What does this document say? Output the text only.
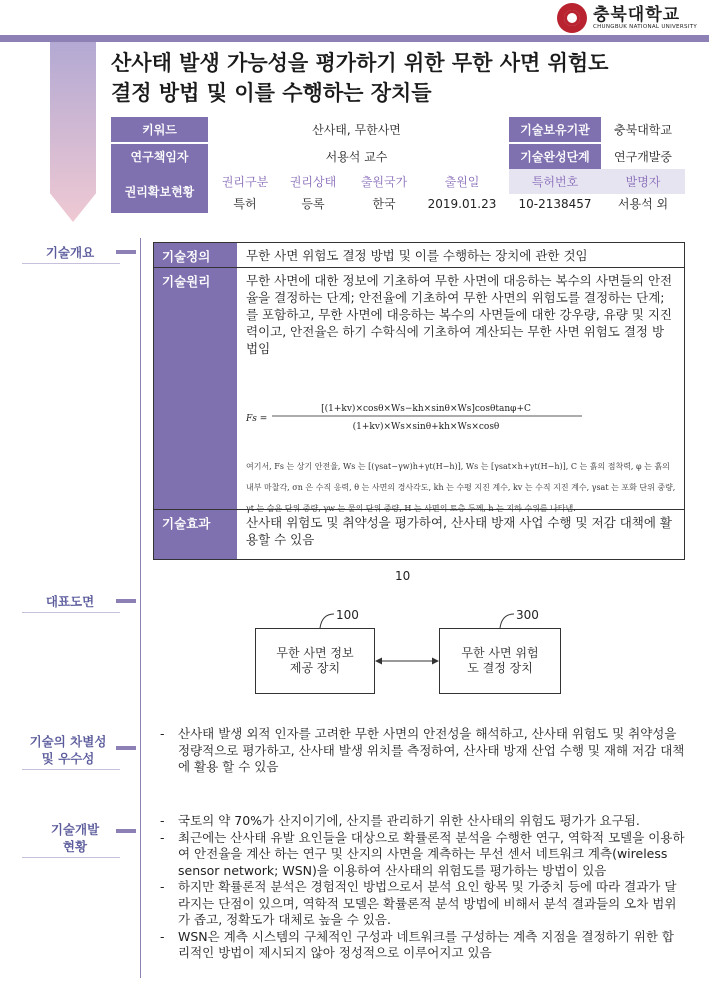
충북대학교
CHUNGBUK NATIONAL UNIVERSITY
산사태 발생 가능성을 평가하기 위한 무한 사면 위험도
결정 방법 및 이를 수행하는 장치들
키워드	산사태, 무한사면	기술보유기관	충북대학교
연구책임자	서용석 교수	기술완성단계	연구개발중
권리확보현황
권리구분	권리상태	출원국가	출원일	특허번호	발명자
특허	등록	한국	2019.01.23	10-2138457	서용석 외
기술개요
대표도면
기술의 차별성 및 우수성
기술개발 현황
기술정의	무한 사면 위험도 결정 방법 및 이를 수행하는 장치에 관한 것임
기술원리	무한 사면에 대한 정보에 기초하여 무한 사면에 대응하는 복수의 사면들의 안전율을 결정하는 단계; 안전율에 기초하여 무한 사면의 위험도를 결정하는 단계; 를 포함하고, 무한 사면에 대응하는 복수의 사면들에 대한 강우량, 유량 및 지진력이고, 안전율은 하기 수학식에 기초하여 계산되는 무한 사면 위험도 결정 방법임
Fs =
[(1+kv)×cosθ×Ws−kh×sinθ×Ws]cosθtanφ+C
(1+kv)×Ws×sinθ+kh×Ws×cosθ
여기서, Fs 는 상기 안전율, Ws 는 [(γsat−γw)h+γt(H−h)], Ws 는 [γsat×h+γt(H−h)], C 는 흙의 점착력, φ 는 흙의 내부 마찰각, σn 은 수직 응력, θ 는 사면의 경사각도, kh 는 수평 지진 계수, kv 는 수직 지진 계수, γsat 는 포화 단위 중량,
기술효과	산사태 위험도 및 취약성을 평가하여, 산사태 방재 사업 수행 및 저감 대책에 활용할 수 있음
10
100	300
무한 사면 정보 제공 장치
무한 사면 위험도 결정 장치
-	산사태 발생 외적 인자를 고려한 무한 사면의 안전성을 해석하고, 산사태 위험도 및 취약성을 정량적으로 평가하고, 산사태 발생 위치를 측정하여, 산사태 방재 산업 수행 및 재해 저감 대책에 활용 할 수 있음
-	국토의 약 70%가 산지이기에, 산지를 관리하기 위한 산사태의 위험도 평가가 요구됨.
-	최근에는 산사태 유발 요인들을 대상으로 확률론적 분석을 수행한 연구, 역학적 모델을 이용하여 안전율을 계산 하는 연구 및 산지의 사면을 계측하는 무선 센서 네트워크 계측(wireless sensor network; WSN)을 이용하여 산사태의 위험도를 평가하는 방법이 있음
-	하지만 확률론적 분석은 경험적인 방법으로서 분석 요인 항목 및 가중치 등에 따라 결과가 달라지는 단점이 있으며, 역학적 모델은 확률론적 분석 방법에 비해서 분석 결과들의 오차 범위가 좁고, 정확도가 대체로 높을 수 있음.
-	WSN은 계측 시스템의 구체적인 구성과 네트워크를 구성하는 계측 지점을 결정하기 위한 합리적인 방법이 제시되지 않아 정성적으로 이루어지고 있음
